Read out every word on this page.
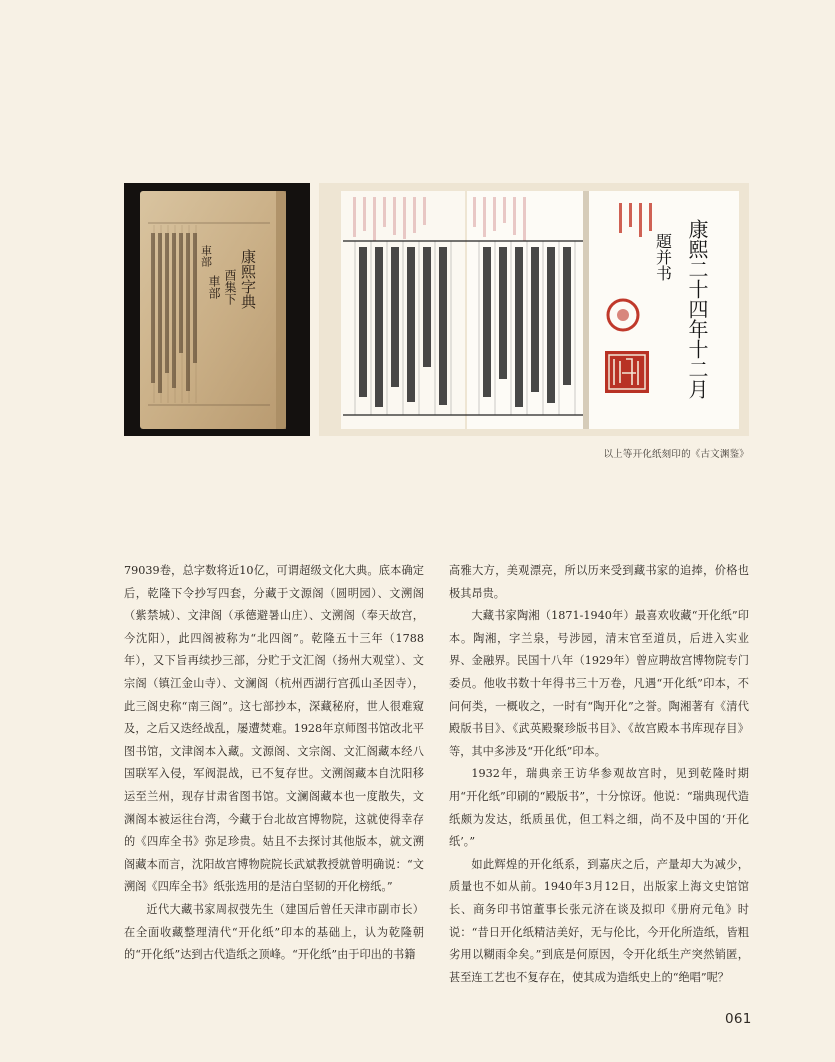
康熙字典
酉集下
車部
車部	康熙二十四年十二月
題并书
以上等开化纸刻印的《古文渊鉴》

79039卷，总字数将近10亿，可谓超级文化大典。底本确定后，乾隆下令抄写四套，分藏于文源阁（圆明园）、文溯阁（紫禁城）、文津阁（承德避暑山庄）、文溯阁（奉天故宫，今沈阳），此四阁被称为“北四阁”。乾隆五十三年（1788年），又下旨再续抄三部，分贮于文汇阁（扬州大观堂）、文宗阁（镇江金山寺）、文澜阁（杭州西湖行宫孤山圣因寺），此三阁史称“南三阁”。这七部抄本，深藏秘府，世人很难窥及，之后又迭经战乱，屡遭焚难。1928年京师图书馆改北平图书馆，文津阁本入藏。文源阁、文宗阁、文汇阁藏本经八国联军入侵，军阀混战，已不复存世。文溯阁藏本自沈阳移运至兰州，现存甘肃省图书馆。文澜阁藏本也一度散失，文渊阁本被运往台湾，今藏于台北故宫博物院，这就使得幸存的《四库全书》弥足珍贵。姑且不去探讨其他版本，就文溯阁藏本而言，沈阳故宫博物院院长武斌教授就曾明确说：“文溯阁《四库全书》纸张选用的是洁白坚韧的开化榜纸。”

近代大藏书家周叔弢先生（建国后曾任天津市副市长）在全面收藏整理清代“开化纸”印本的基础上，认为乾隆朝的“开化纸”达到古代造纸之顶峰。“开化纸”由于印出的书籍

高雅大方，美观漂亮，所以历来受到藏书家的追捧，价格也极其昂贵。

大藏书家陶湘（1871-1940年）最喜欢收藏“开化纸”印本。陶湘，字兰泉，号涉园，清末官至道员，后进入实业界、金融界。民国十八年（1929年）曾应聘故宫博物院专门委员。他收书数十年得书三十万卷，凡遇“开化纸”印本，不问何类，一概收之，一时有“陶开化”之誉。陶湘著有《清代殿版书目》、《武英殿聚珍版书目》、《故宫殿本书库现存目》等，其中多涉及“开化纸”印本。

1932年，瑞典亲王访华参观故宫时，见到乾隆时期用“开化纸”印刷的“殿版书”，十分惊讶。他说：“瑞典现代造纸颇为发达，纸质虽优，但工料之细，尚不及中国的‘开化纸’。”

如此辉煌的开化纸系，到嘉庆之后，产量却大为减少，质量也不如从前。1940年3月12日，出版家上海文史馆馆长、商务印书馆董事长张元济在谈及拟印《册府元龟》时说：“昔日开化纸精洁美好，无与伦比，今开化所造纸，皆粗劣用以糊雨伞矣。”到底是何原因，令开化纸生产突然销匿，甚至连工艺也不复存在，使其成为造纸史上的“绝唱”呢？

061
